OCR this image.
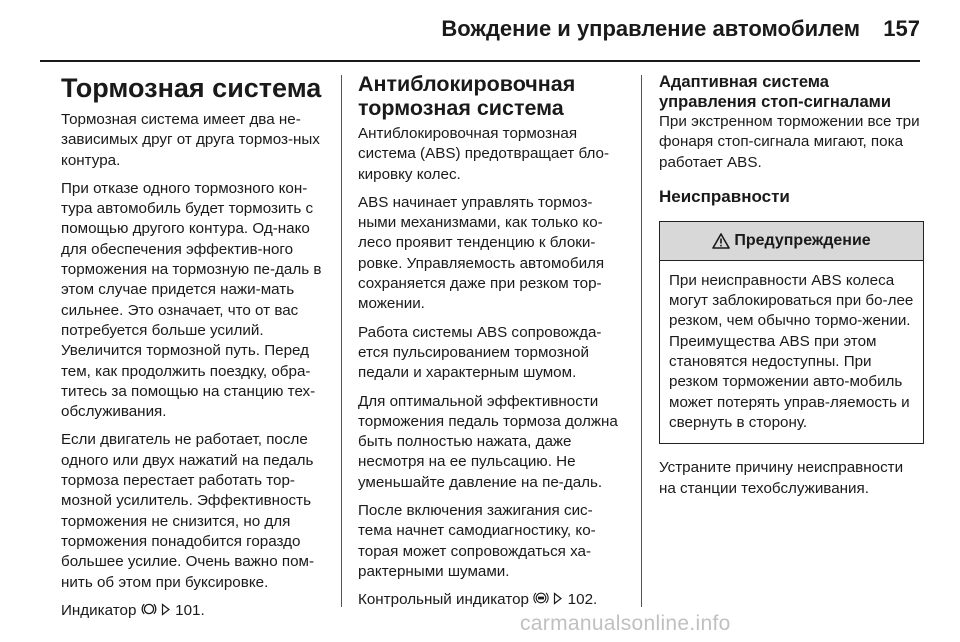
Вождение и управление автомобилем 157
Тормозная система

Тормозная система имеет два не-зависимых друг от друга тормоз-ных контура.

При отказе одного тормозного кон-тура автомобиль будет тормозить с помощью другого контура. Од-нако для обеспечения эффектив-ного торможения на тормозную пе-даль в этом случае придется нажи-мать сильнее. Это означает, что от вас потребуется больше усилий. Увеличится тормозной путь. Перед тем, как продолжить поездку, обра-титесь за помощью на станцию тех-обслуживания.

Если двигатель не работает, после одного или двух нажатий на педаль тормоза перестает работать тор-мозной усилитель. Эффективность торможения не снизится, но для торможения понадобится гораздо большее усилие. Очень важно пом-нить об этом при буксировке.

Индикатор	101.

Антиблокировочная тормозная система

Антиблокировочная тормозная система (ABS) предотвращает бло-кировку колес.

ABS начинает управлять тормоз-ными механизмами, как только ко-лесо проявит тенденцию к блоки-ровке. Управляемость автомобиля сохраняется даже при резком тор-можении.

Работа системы ABS сопровожда-ется пульсированием тормозной педали и характерным шумом.

Для оптимальной эффективности торможения педаль тормоза должна быть полностью нажата, даже несмотря на ее пульсацию. Не уменьшайте давление на пе-даль.

После включения зажигания сис-тема начнет самодиагностику, ко-торая может сопровождаться ха-рактерными шумами.

Контрольный индикатор	102.

Адаптивная система управления стоп-сигналами

При экстренном торможении все три фонаря стоп-сигнала мигают, пока работает ABS.

Неисправности
Предупреждение
При неисправности ABS колеса могут заблокироваться при бо-лее резком, чем обычно тормо-жении. Преимущества ABS при этом становятся недоступны. При резком торможении авто-мобиль может потерять управ-ляемость и свернуть в сторону.

Устраните причину неисправности на станции техобслуживания.

carmanualsonline.info
